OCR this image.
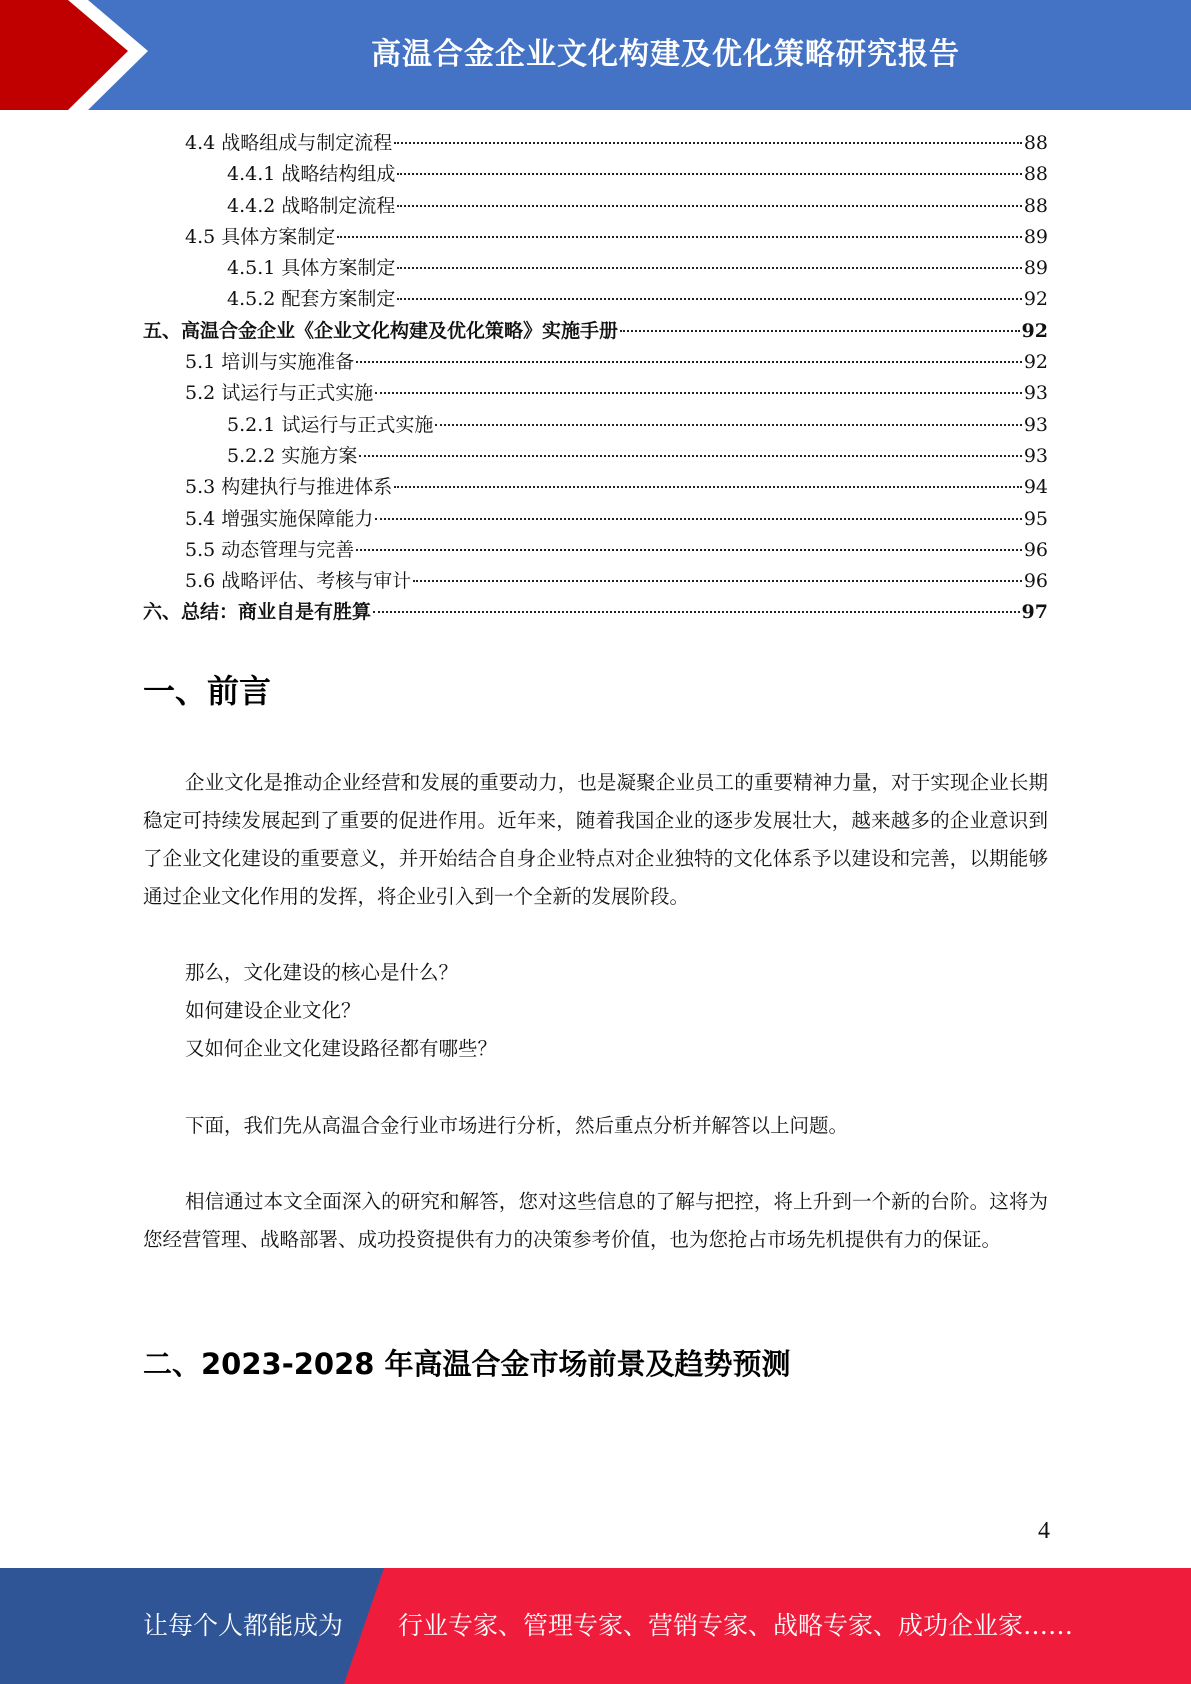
高温合金企业文化构建及优化策略研究报告
4.4 战略组成与制定流程	88
4.4.1 战略结构组成	88
4.4.2 战略制定流程	88
4.5 具体方案制定	89
4.5.1 具体方案制定	89
4.5.2 配套方案制定	92
五、高温合金企业《企业文化构建及优化策略》实施手册	92
5.1 培训与实施准备	92
5.2 试运行与正式实施	93
5.2.1 试运行与正式实施	93
5.2.2 实施方案	93
5.3 构建执行与推进体系	94
5.4 增强实施保障能力	95
5.5 动态管理与完善	96
5.6 战略评估、考核与审计	96
六、总结：商业自是有胜算	97
一、前言

企业文化是推动企业经营和发展的重要动力，也是凝聚企业员工的重要精神力量，对于实现企业长期稳定可持续发展起到了重要的促进作用。近年来，随着我国企业的逐步发展壮大，越来越多的企业意识到了企业文化建设的重要意义，并开始结合自身企业特点对企业独特的文化体系予以建设和完善，以期能够通过企业文化作用的发挥，将企业引入到一个全新的发展阶段。

那么，文化建设的核心是什么？

如何建设企业文化？

又如何企业文化建设路径都有哪些？

下面，我们先从高温合金行业市场进行分析，然后重点分析并解答以上问题。

相信通过本文全面深入的研究和解答，您对这些信息的了解与把控，将上升到一个新的台阶。这将为您经营管理、战略部署、成功投资提供有力的决策参考价值，也为您抢占市场先机提供有力的保证。

二、2023-2028 年高温合金市场前景及趋势预测
4
让每个人都能成为 行业专家、管理专家、营销专家、战略专家、成功企业家……
